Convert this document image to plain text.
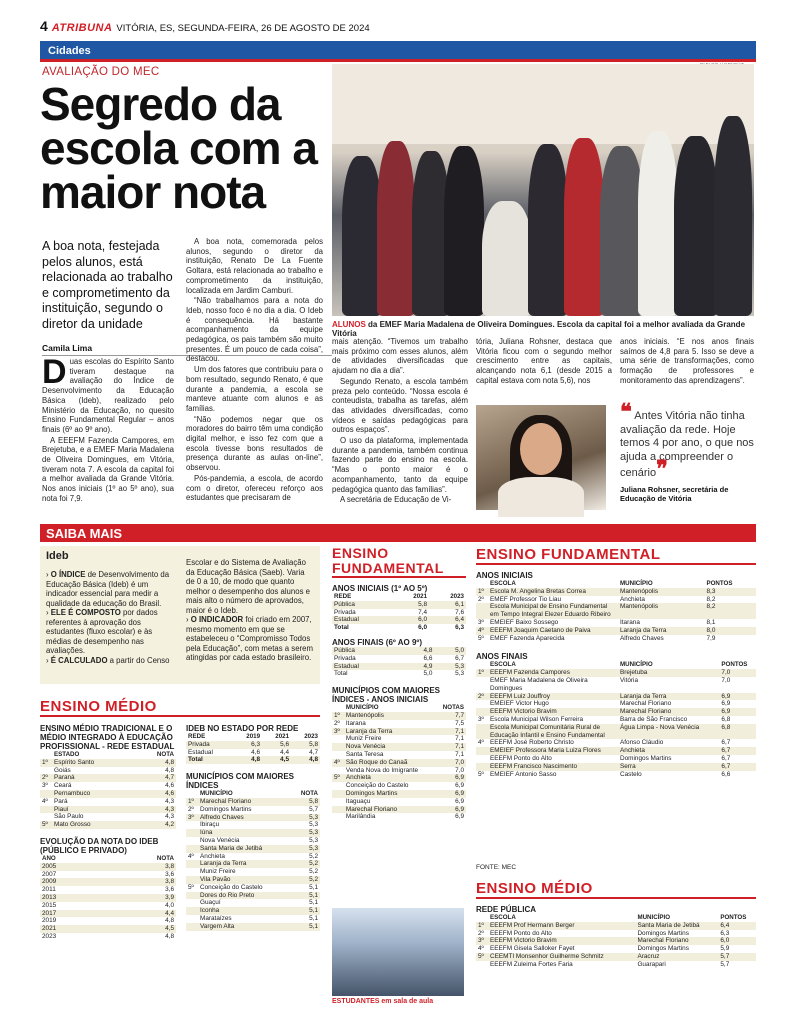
4 ATRIBUNA VITÓRIA, ES, SEGUNDA-FEIRA, 26 DE AGOSTO DE 2024
Cidades
AVALIAÇÃO DO MEC
Segredo da escola com a maior nota
A boa nota, festejada pelos alunos, está relacionada ao trabalho e comprometimento da instituição, segundo o diretor da unidade
Camila Lima

Duas escolas do Espírito Santo tiveram destaque na avaliação do Índice de Desenvolvimento da Educação Básica (Ideb), realizado pelo Ministério da Educação, no quesito Ensino Fundamental Regular – anos finais (6º ao 9º ano).

A EEEFM Fazenda Campores, em Brejetuba, e a EMEF Maria Madalena de Oliveira Domingues, em Vitória, tiveram nota 7. A escola da capital foi a melhor avaliada da Grande Vitória. Nos anos iniciais (1º ao 5º ano), sua nota foi 7,9.

A boa nota, comemorada pelos alunos, segundo o diretor da instituição, Renato De La Fuente Goltara, está relacionada ao trabalho e comprometimento da instituição, localizada em Jardim Camburi.

“Não trabalhamos para a nota do Ideb, nosso foco é no dia a dia. O Ideb é consequência. Há bastante acompanhamento da equipe pedagógica, os pais também são muito presentes. É um pouco de cada coisa”, destacou.

Um dos fatores que contribuiu para o bom resultado, segundo Renato, é que durante a pandemia, a escola se manteve atuante com alunos e as famílias.

“Não podemos negar que os moradores do bairro têm uma condição digital melhor, e isso fez com que a escola tivesse bons resultados de presença durante as aulas on-line”, observou.

Pós-pandemia, a escola, de acordo com o diretor, ofereceu reforço aos estudantes que precisaram de

mais atenção. “Tivemos um trabalho mais próximo com esses alunos, além de atividades diversificadas que ajudam no dia a dia”.

Segundo Renato, a escola também preza pelo conteúdo. “Nossa escola é conteudista, trabalha as tarefas, além das atividades diversificadas, como vídeos e saídas pedagógicas para outros espaços”.

O uso da plataforma, implementada durante a pandemia, também continua fazendo parte do ensino na escola. “Mas o ponto maior é o acompanhamento, tanto da equipe pedagógica quanto das famílias”.

A secretária de Educação de Vi-

tória, Juliana Rohsner, destaca que Vitória ficou com o segundo melhor crescimento entre as capitais, alcançando nota 6,1 (desde 2015 a capital estava com nota 5,6), nos

anos iniciais. “E nos anos finais saímos de 4,8 para 5. Isso se deve a uma série de transformações, como formação de professores e monitoramento das aprendizagens”.

ALUNOS da EMEF Maria Madalena de Oliveira Domingues. Escola da capital foi a melhor avaliada da Grande Vitória
❝ Antes Vitória não tinha avaliação da rede. Hoje temos 4 por ano, o que nos ajuda a compreender o cenário❞
Juliana Rohsner, secretária de Educação de Vitória
SAIBA MAIS
Ideb

› O ÍNDICE de Desenvolvimento da Educação Básica (Ideb) é um indicador essencial para medir a qualidade da educação do Brasil.

› ELE É COMPOSTO por dados referentes à aprovação dos estudantes (fluxo escolar) e às médias de desempenho nas avaliações.

› É CALCULADO a partir do Censo

Escolar e do Sistema de Avaliação da Educação Básica (Saeb). Varia de 0 a 10, de modo que quanto melhor o desempenho dos alunos e mais alto o número de aprovados, maior é o Ideb.

› O INDICADOR foi criado em 2007, mesmo momento em que se estabeleceu o “Compromisso Todos pela Educação”, com metas a serem atingidas por cada estado brasileiro.

ENSINO FUNDAMENTAL
ANOS INICIAIS (1º AO 5º)
REDE	2021	2023
Pública	5,8	6,1
Privada	7,4	7,6
Estadual	6,0	6,4
Total	6,0	6,3
ANOS FINAIS (6º AO 9º)
Pública	4,8	5,0
Privada	6,6	6,7
Estadual	4,9	5,3
Total	5,0	5,3
MUNICÍPIOS COM MAIORES ÍNDICES - ANOS INICIAIS
	MUNICÍPIO	NOTAS
1º	Mantenópolis	7,7
2º	Itarana	7,5
3º	Laranja da Terra	7,1
	Muniz Freire	7,1
	Nova Venécia	7,1
	Santa Teresa	7,1
4º	São Roque do Canaã	7,0
	Venda Nova do Imigrante	7,0
5º	Anchieta	6,9
	Conceição do Castelo	6,9
	Domingos Martins	6,9
	Itaguaçu	6,9
	Marechal Floriano	6,9
	Marilândia	6,9
ESTUDANTES em sala de aula
ENSINO FUNDAMENTAL
ANOS INICIAIS
	ESCOLA	MUNICÍPIO	PONTOS
1º	Escola M. Angelina Bretas Correa	Mantenópolis	8,3
2º	EMEF Professor Tio Liau	Anchieta	8,2
	Escola Municipal de Ensino Fundamental em Tempo Integral Elezer Eduardo Ribeiro	Mantenópolis	8,2
3º	EMEIEF Baixo Sossego	Itarana	8,1
4º	EEEFM Joaquim Caetano de Paiva	Laranja da Terra	8,0
5º	EMEF Fazenda Aparecida	Alfredo Chaves	7,9
ANOS FINAIS
	ESCOLA	MUNICÍPIO	PONTOS
1º	EEEFM Fazenda Campores	Brejetuba	7,0
	EMEF Maria Madalena de Oliveira Domingues	Vitória	7,0
2º	EEEFM Luiz Jouffroy	Laranja da Terra	6,9
	EMEIEF Victor Hugo	Marechal Floriano	6,9
	EEEFM Victorio Bravim	Marechal Floriano	6,9
3º	Escola Municipal Wilson Ferreira	Barra de São Francisco	6,8
	Escola Municipal Comunitária Rural de Educação Infantil e Ensino Fundamental	Água Limpa - Nova Venécia	6,8
4º	EEEFM José Roberto Christo	Afonso Cláudio	6,7
	EMEIEF Professora Maria Luiza Flores	Anchieta	6,7
	EEEFM Ponto do Alto	Domingos Martins	6,7
	EEEFM Francisco Nascimento	Serra	6,7
5º	EMEIEF Antonio Sasso	Castelo	6,6
FONTE: MEC
ENSINO MÉDIO
REDE PÚBLICA
	ESCOLA	MUNICÍPIO	PONTOS
1º	EEEFM Prof Hermann Berger	Santa Maria de Jetibá	6,4
2º	EEEFM Ponto do Alto	Domingos Martins	6,3
3º	EEEFM Victorio Bravim	Marechal Floriano	6,0
4º	EEEFM Gisela Salloker Fayet	Domingos Martins	5,9
5º	CEEMTI Monsenhor Guilherme Schmitz	Aracruz	5,7
	EEEFM Zuleima Fortes Faria	Guarapari	5,7
ENSINO MÉDIO
ENSINO MÉDIO TRADICIONAL E O MÉDIO INTEGRADO À EDUCAÇÃO PROFISSIONAL - REDE ESTADUAL
	ESTADO	NOTA
1º	Espírito Santo	4,8
	Goiás	4,8
2º	Paraná	4,7
3º	Ceará	4,6
	Pernambuco	4,6
4º	Pará	4,3
	Piauí	4,3
	São Paulo	4,3
5º	Mato Grosso	4,2
EVOLUÇÃO DA NOTA DO IDEB (PÚBLICO E PRIVADO)
ANO	NOTA
2005	3,8
2007	3,6
2009	3,8
2011	3,6
2013	3,9
2015	4,0
2017	4,4
2019	4,8
2021	4,5
2023	4,8
IDEB NO ESTADO POR REDE
REDE	2019	2021	2023
Privada	6,3	5,6	5,8
Estadual	4,6	4,4	4,7
Total	4,8	4,5	4,8
MUNICÍPIOS COM MAIORES ÍNDICES
	MUNICÍPIO	NOTA
1º	Marechal Floriano	5,8
2º	Domingos Martins	5,7
3º	Alfredo Chaves	5,3
	Ibiraçu	5,3
	Iúna	5,3
	Nova Venécia	5,3
	Santa Maria de Jetibá	5,3
4º	Anchieta	5,2
	Laranja da Terra	5,2
	Muniz Freire	5,2
	Vila Pavão	5,2
5º	Conceição do Castelo	5,1
	Dores do Rio Preto	5,1
	Guaçuí	5,1
	Iconha	5,1
	Marataízes	5,1
	Vargem Alta	5,1
